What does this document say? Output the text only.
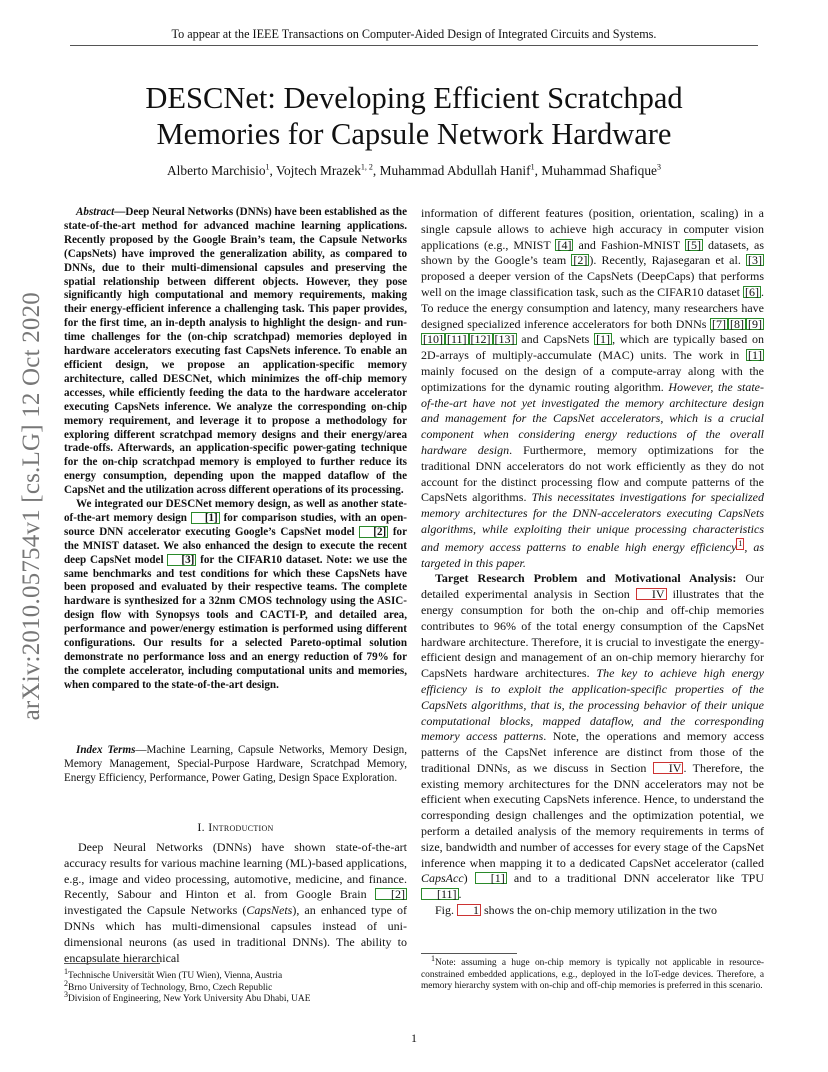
To appear at the IEEE Transactions on Computer-Aided Design of Integrated Circuits and Systems.
arXiv:2010.05754v1 [cs.LG] 12 Oct 2020
DESCNet: Developing Efficient Scratchpad
Memories for Capsule Network Hardware
Alberto Marchisio$^1$, Vojtech Mrazek$^{1, 2}$, Muhammad Abdullah Hanif$^1$, Muhammad Shafique$^3$

Abstract—Deep Neural Networks (DNNs) have been established as the state-of-the-art method for advanced machine learning applications. Recently proposed by the Google Brain’s team, the Capsule Networks (CapsNets) have improved the generalization ability, as compared to DNNs, due to their multi-dimensional capsules and preserving the spatial relationship between different objects. However, they pose significantly high computational and memory requirements, making their energy-efficient inference a challenging task. This paper provides, for the first time, an in-depth analysis to highlight the design- and run-time challenges for the (on-chip scratchpad) memories deployed in hardware accelerators executing fast CapsNets inference. To enable an efficient design, we propose an application-specific memory architecture, called DESCNet, which minimizes the off-chip memory accesses, while efficiently feeding the data to the hardware accelerator executing CapsNets inference. We analyze the corresponding on-chip memory requirement, and leverage it to propose a methodology for exploring different scratchpad memory designs and their energy/area trade-offs. Afterwards, an application-specific power-gating technique for the on-chip scratchpad memory is employed to further reduce its energy consumption, depending upon the mapped dataflow of the CapsNet and the utilization across different operations of its processing.

We integrated our DESCNet memory design, as well as another state-of-the-art memory design [1] for comparison studies, with an open-source DNN accelerator executing Google’s CapsNet model [2] for the MNIST dataset. We also enhanced the design to execute the recent deep CapsNet model [3] for the CIFAR10 dataset. Note: we use the same benchmarks and test conditions for which these CapsNets have been proposed and evaluated by their respective teams. The complete hardware is synthesized for a 32nm CMOS technology using the ASIC-design flow with Synopsys tools and CACTI-P, and detailed area, performance and power/energy estimation is performed using different configurations. Our results for a selected Pareto-optimal solution demonstrate no performance loss and an energy reduction of 79% for the complete accelerator, including computational units and memories, when compared to the state-of-the-art design.

Index Terms—Machine Learning, Capsule Networks, Memory Design, Memory Management, Special-Purpose Hardware, Scratchpad Memory, Energy Efficiency, Performance, Power Gating, Design Space Exploration.

I. Introduction

Deep Neural Networks (DNNs) have shown state-of-the-art accuracy results for various machine learning (ML)-based applications, e.g., image and video processing, automotive, medicine, and finance. Recently, Sabour and Hinton et al. from Google Brain [2] investigated the Capsule Networks (CapsNets), an enhanced type of DNNs which has multi-dimensional capsules instead of uni-dimensional neurons (as used in traditional DNNs). The ability to encapsulate hierarchical

information of different features (position, orientation, scaling) in a single capsule allows to achieve high accuracy in computer vision applications (e.g., MNIST [4] and Fashion-MNIST [5] datasets, as shown by the Google’s team [2] ). Recently, Rajasegaran et al. [3] proposed a deeper version of the CapsNets (DeepCaps) that performs well on the image classification task, such as the CIFAR10 dataset [6] . To reduce the energy consumption and latency, many researchers have designed specialized inference accelerators for both DNNs [7] [8] [9][10] [11] [12] [13] and CapsNets [1] , which are typically based on 2D-arrays of multiply-accumulate (MAC) units. The work in [1] mainly focused on the design of a compute-array along with the optimizations for the dynamic routing algorithm. However, the state-of-the-art have not yet investigated the memory architecture design and management for the CapsNet accelerators, which is a crucial component when considering energy reductions of the overall hardware design. Furthermore, memory optimizations for the traditional DNN accelerators do not work efficiently as they do not account for the distinct processing flow and compute patterns of the CapsNets algorithms. This necessitates investigations for specialized memory architectures for the DNN-accelerators executing CapsNets algorithms, while exploiting their unique processing characteristics and memory access patterns to enable high energy efficiency $^1$ , as targeted in this paper.

Target Research Problem and Motivational Analysis: Our detailed experimental analysis in Section IV illustrates that the energy consumption for both the on-chip and off-chip memories contributes to 96% of the total energy consumption of the CapsNet hardware architecture. Therefore, it is crucial to investigate the energy-efficient design and management of an on-chip memory hierarchy for CapsNets hardware architectures. The key to achieve high energy efficiency is to exploit the application-specific properties of the CapsNets algorithms, that is, the processing behavior of their unique computational blocks, mapped dataflow, and the corresponding memory access patterns. Note, the operations and memory access patterns of the CapsNet inference are distinct from those of the traditional DNNs, as we discuss in Section IV . Therefore, the existing memory architectures for the DNN accelerators may not be efficient when executing CapsNets inference. Hence, to understand the corresponding design challenges and the optimization potential, we perform a detailed analysis of the memory requirements in terms of size, bandwidth and number of accesses for every stage of the CapsNet inference when mapping it to a dedicated CapsNet accelerator (called CapsAcc) [1] and to a traditional DNN accelerator like TPU [11] .

Fig. 1 shows the on-chip memory utilization in the two

$^1$Technische Universität Wien (TU Wien), Vienna, Austria
$^2$Brno University of Technology, Brno, Czech Republic
$^3$Division of Engineering, New York University Abu Dhabi, UAE

$^1$Note: assuming a huge on-chip memory is typically not applicable in resource-constrained embedded applications, e.g., deployed in the IoT-edge devices. Therefore, a memory hierarchy system with on-chip and off-chip memories is preferred in this scenario.

1
